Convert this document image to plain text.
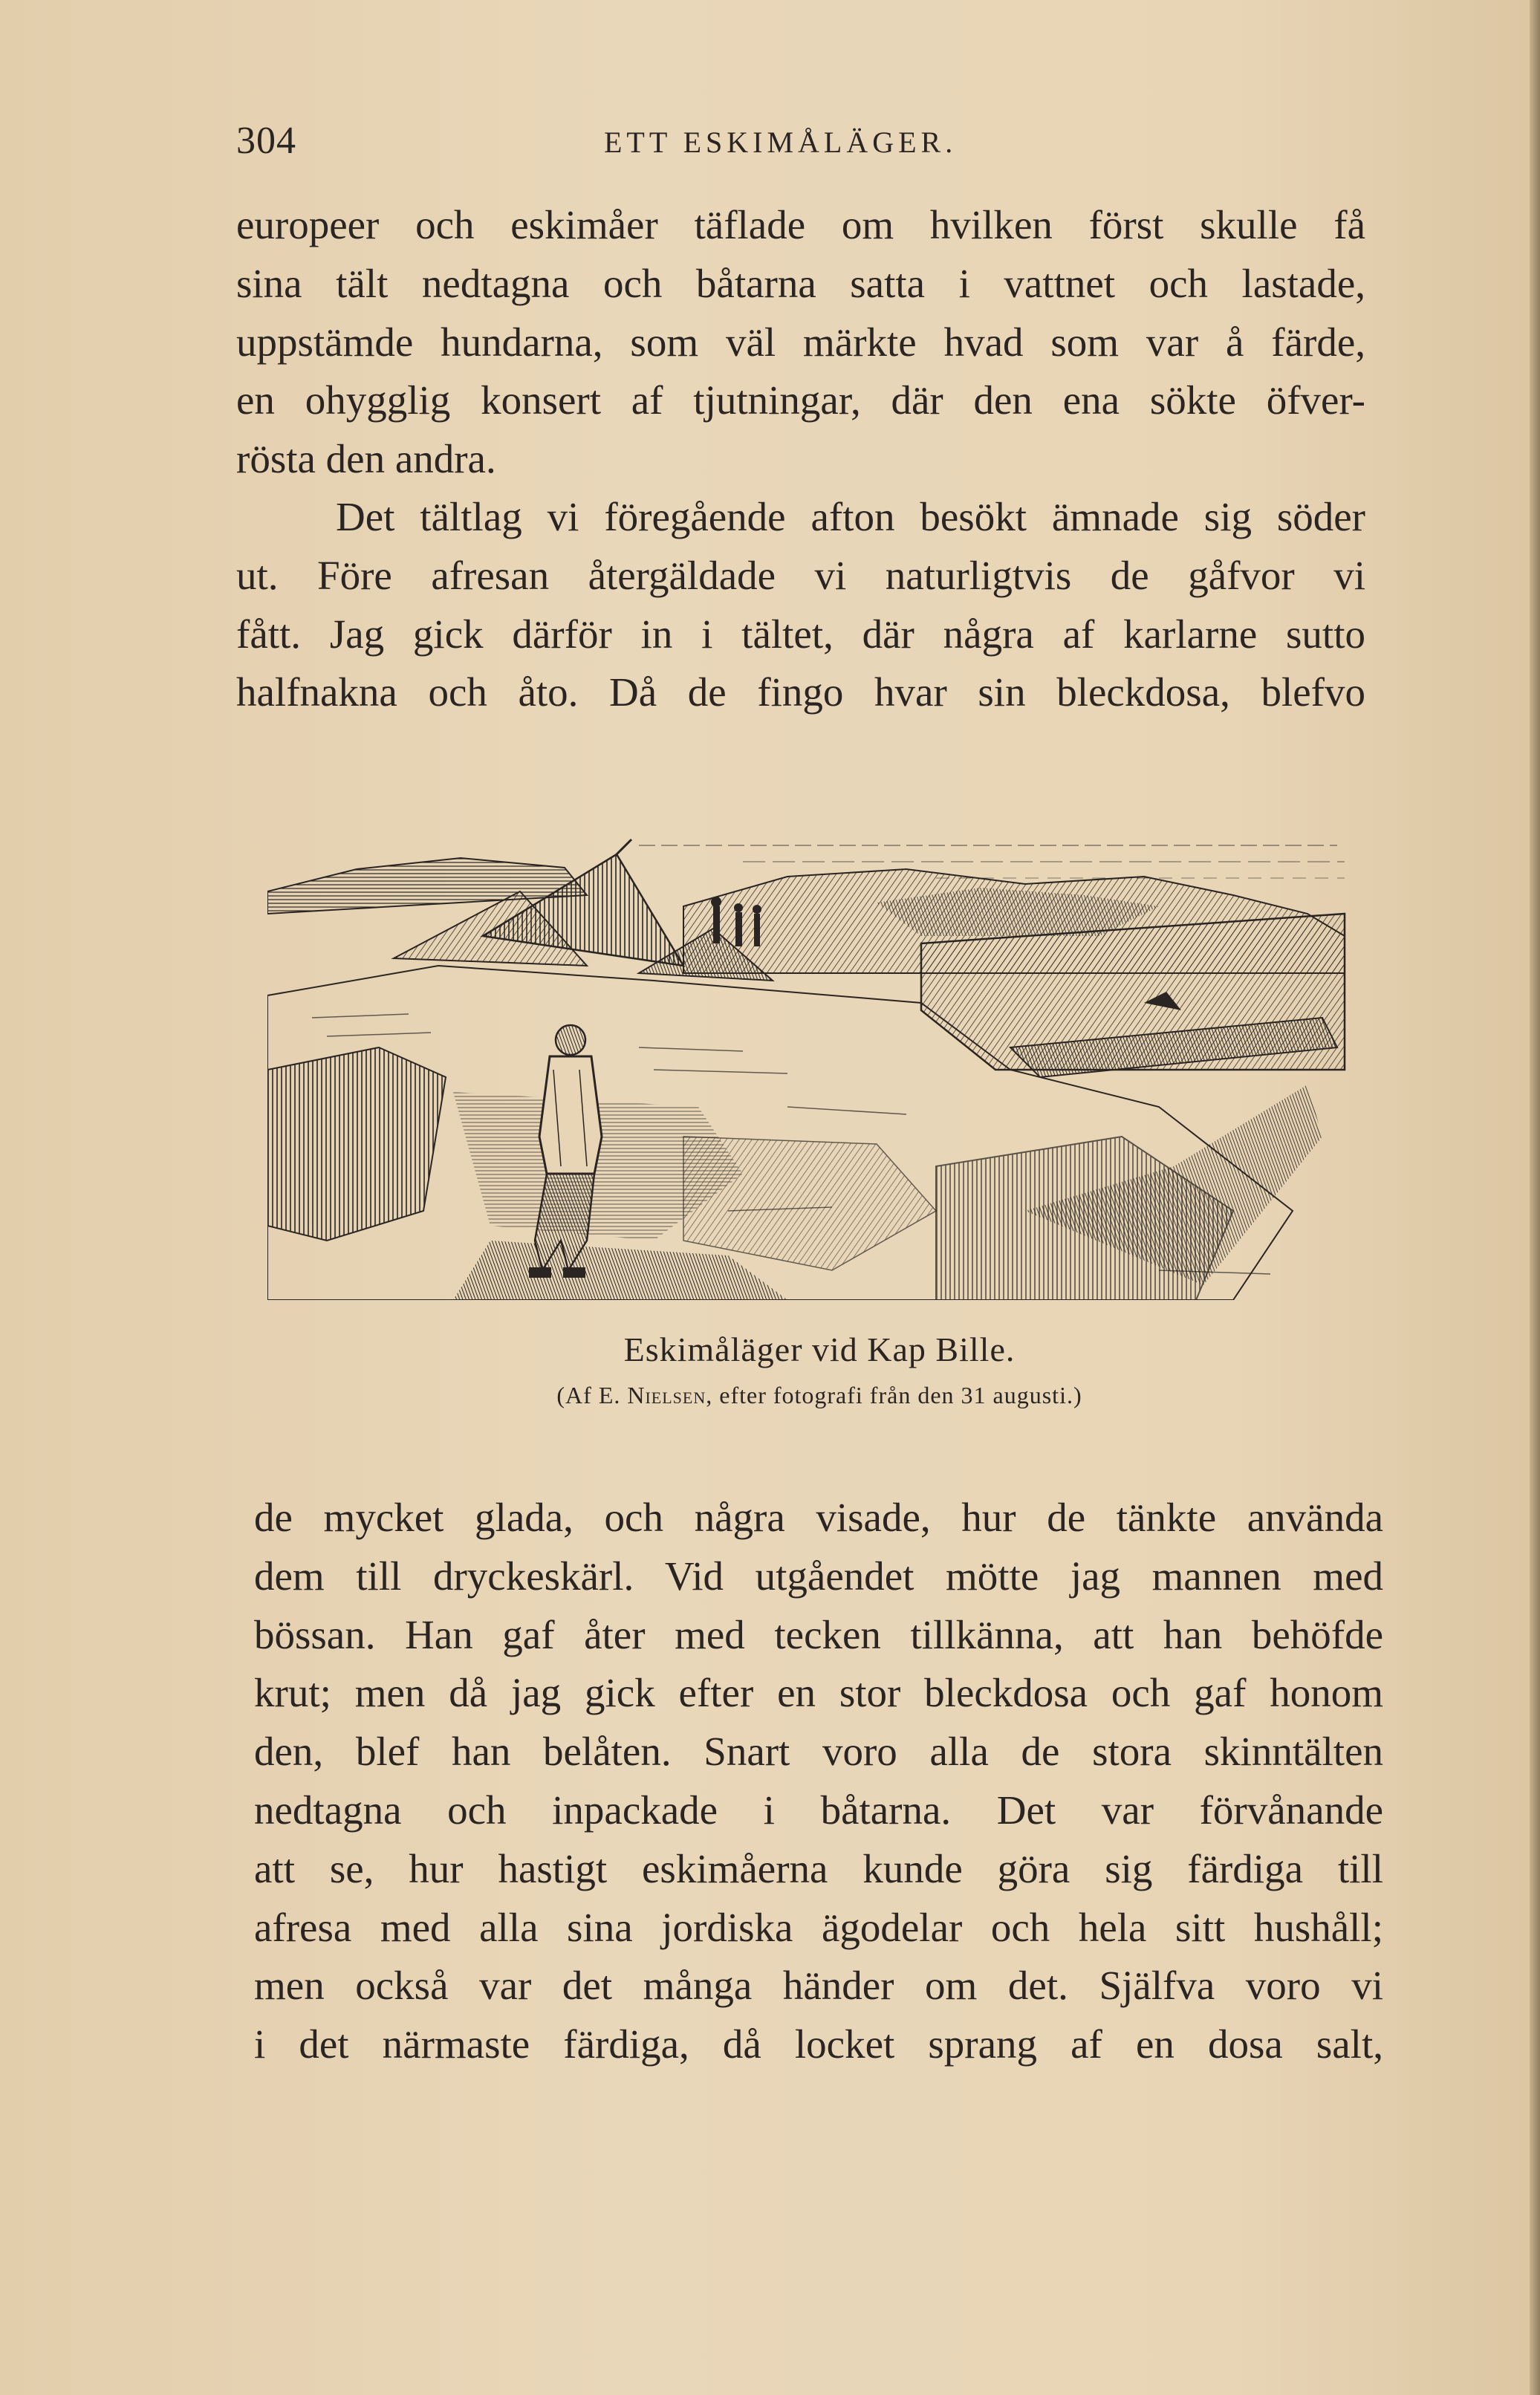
304	ETT ESKIMÅLÄGER.
europeer och eskimåer täflade om hvilken först skulle få
sina tält nedtagna och båtarna satta i vattnet och lastade,
uppstämde hundarna, som väl märkte hvad som var å färde,
en ohygglig konsert af tjutningar, där den ena sökte öfver-
rösta den andra.
Det tältlag vi föregående afton besökt ämnade sig söder
ut. Före afresan återgäldade vi naturligtvis de gåfvor vi
fått. Jag gick därför in i tältet, där några af karlarne sutto
halfnakna och åto. Då de fingo hvar sin bleckdosa, blefvo

Eskimåläger vid Kap Bille.

(Af E. Nielsen, efter fotografi från den 31 augusti.)

de mycket glada, och några visade, hur de tänkte använda
dem till dryckeskärl. Vid utgåendet mötte jag mannen med
bössan. Han gaf åter med tecken tillkänna, att han behöfde
krut; men då jag gick efter en stor bleckdosa och gaf honom
den, blef han belåten. Snart voro alla de stora skinntälten
nedtagna och inpackade i båtarna. Det var förvånande
att se, hur hastigt eskimåerna kunde göra sig färdiga till
afresa med alla sina jordiska ägodelar och hela sitt hushåll;
men också var det många händer om det. Själfva voro vi
i det närmaste färdiga, då locket sprang af en dosa salt,
